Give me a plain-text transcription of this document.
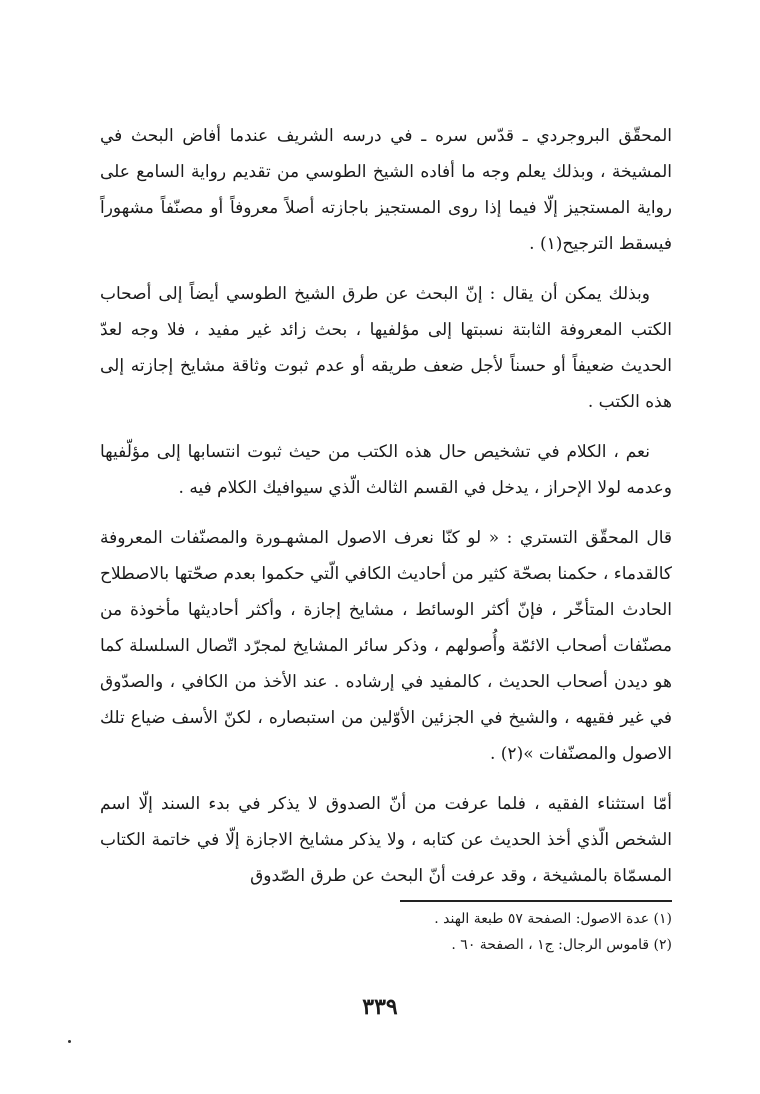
المحقّق البروجردي ـ قدّس سره ـ في درسه الشريف عندما أفاض البحث في المشيخة ، وبذلك يعلم وجه ما أفاده الشيخ الطوسي من تقديم رواية السامع على رواية المستجيز إلّا فيما إذا روى المستجيز باجازته أصلاً معروفاً أو مصنّفاً مشهوراً فيسقط الترجيح(١) .

وبذلك يمكن أن يقال : إنّ البحث عن طرق الشيخ الطوسي أيضاً إلى أصحاب الكتب المعروفة الثابتة نسبتها إلى مؤلفيها ، بحث زائد غير مفيد ، فلا وجه لعدّ الحديث ضعيفاً أو حسناً لأجل ضعف طريقه أو عدم ثبوت وثاقة مشايخ إجازته إلى هذه الكتب .

نعم ، الكلام في تشخيص حال هذه الكتب من حيث ثبوت انتسابها إلى مؤلّفيها وعدمه لولا الإحراز ، يدخل في القسم الثالث الّذي سيوافيك الكلام فيه .

قال المحقّق التستري : « لو كنّا نعرف الاصول المشهـورة والمصنّفات المعروفة كالقدماء ، حكمنا بصحّة كثير من أحاديث الكافي الّتي حكموا بعدم صحّتها بالاصطلاح الحادث المتأخّر ، فإنّ أكثر الوسائط ، مشايخ إجازة ، وأكثر أحاديثها مأخوذة من مصنّفات أصحاب الائمّة وأُصولهم ، وذكر سائر المشايخ لمجرّد اتّصال السلسلة كما هو ديدن أصحاب الحديث ، كالمفيد في إرشاده . عند الأخذ من الكافي ، والصدّوق في غير فقيهه ، والشيخ في الجزئين الأوّلين من استبصاره ، لكنّ الأسف ضياع تلك الاصول والمصنّفات »(٢) .

أمّا استثناء الفقيه ، فلما عرفت من أنّ الصدوق لا يذكر في بدء السند إلّا اسم الشخص الّذي أخذ الحديث عن كتابه ، ولا يذكر مشايخ الاجازة إلّا في خاتمة الكتاب المسمّاة بالمشيخة ، وقد عرفت أنّ البحث عن طرق الصّدوق

(١) عدة الاصول: الصفحة ٥٧ طبعة الهند .

(٢) قاموس الرجال: ج١ ، الصفحة ٦٠ .

٣٣٩
